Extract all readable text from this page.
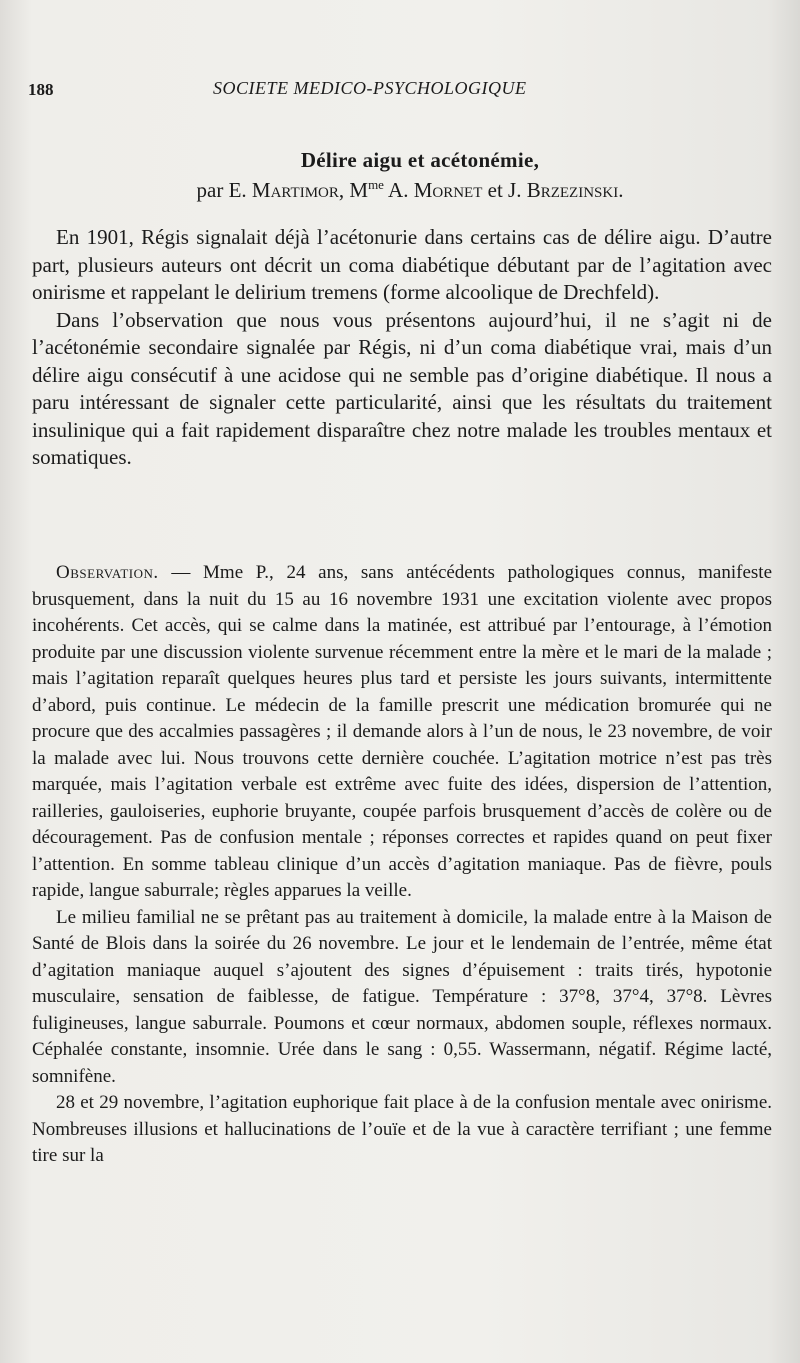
188	SOCIETE MEDICO-PSYCHOLOGIQUE
Délire aigu et acétonémie,
par E. Martimor, $M^{me}$ A. Mornet et J. Brzezinski.

En 1901, Régis signalait déjà l’acétonurie dans certains cas de délire aigu. D’autre part, plusieurs auteurs ont décrit un coma diabétique débutant par de l’agitation avec onirisme et rappelant le delirium tremens (forme alcoolique de Drechfeld).

Dans l’observation que nous vous présentons aujourd’hui, il ne s’agit ni de l’acétonémie secondaire signalée par Régis, ni d’un coma diabétique vrai, mais d’un délire aigu consécutif à une acidose qui ne semble pas d’origine diabétique. Il nous a paru intéressant de signaler cette particularité, ainsi que les résultats du traitement insulinique qui a fait rapidement disparaître chez notre malade les troubles mentaux et somatiques.

Observation. — Mme P., 24 ans, sans antécédents pathologiques connus, manifeste brusquement, dans la nuit du 15 au 16 novembre 1931 une excitation violente avec propos incohérents. Cet accès, qui se calme dans la matinée, est attribué par l’entourage, à l’émotion produite par une discussion violente survenue récemment entre la mère et le mari de la malade ; mais l’agitation reparaît quelques heures plus tard et persiste les jours suivants, intermittente d’abord, puis continue. Le médecin de la famille prescrit une médication bromurée qui ne procure que des accalmies passagères ; il demande alors à l’un de nous, le 23 novembre, de voir la malade avec lui. Nous trouvons cette dernière couchée. L’agitation motrice n’est pas très marquée, mais l’agitation verbale est extrême avec fuite des idées, dispersion de l’attention, railleries, gauloiseries, euphorie bruyante, coupée parfois brusquement d’accès de colère ou de découragement. Pas de confusion mentale ; réponses correctes et rapides quand on peut fixer l’attention. En somme tableau clinique d’un accès d’agitation maniaque. Pas de fièvre, pouls rapide, langue saburrale; règles apparues la veille.

Le milieu familial ne se prêtant pas au traitement à domicile, la malade entre à la Maison de Santé de Blois dans la soirée du 26 novembre. Le jour et le lendemain de l’entrée, même état d’agitation maniaque auquel s’ajoutent des signes d’épuisement : traits tirés, hypotonie musculaire, sensation de faiblesse, de fatigue. Température : 37°8, 37°4, 37°8. Lèvres fuligineuses, langue saburrale. Poumons et cœur normaux, abdomen souple, réflexes normaux. Céphalée constante, insomnie. Urée dans le sang : 0,55. Wassermann, négatif. Régime lacté, somnifène.

28 et 29 novembre, l’agitation euphorique fait place à de la confusion mentale avec onirisme. Nombreuses illusions et hallucinations de l’ouïe et de la vue à caractère terrifiant ; une femme tire sur la
